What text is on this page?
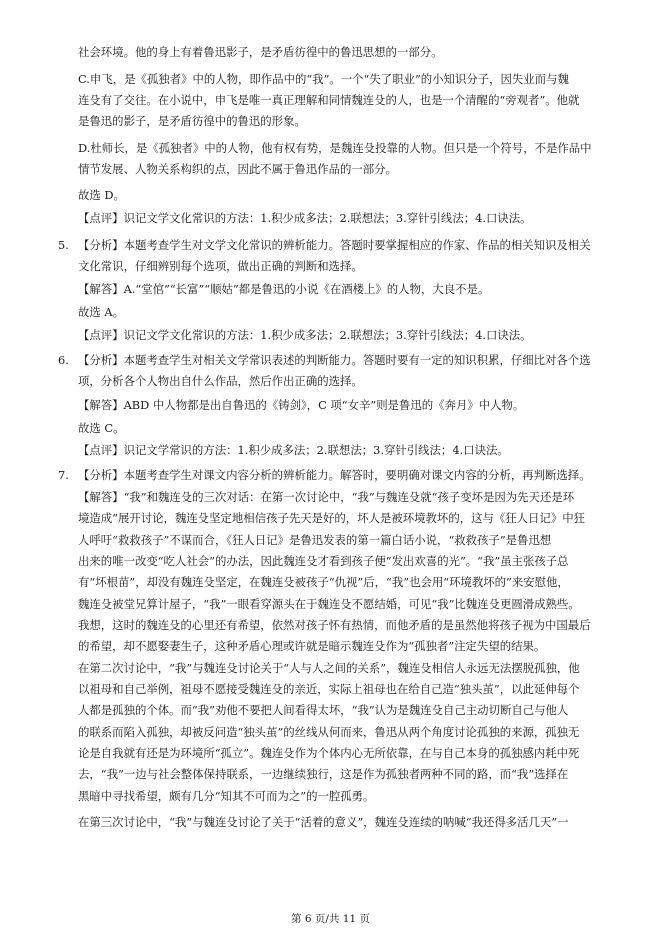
社会环境。他的身上有着鲁迅影子，是矛盾彷徨中的鲁迅思想的一部分。
C.申飞，是《孤独者》中的人物，即作品中的“我”。一个“失了职业”的小知识分子，因失业而与魏
连殳有了交往。在小说中，申飞是唯一真正理解和同情魏连殳的人，也是一个清醒的“旁观者”。他就
是鲁迅的影子，是矛盾彷徨中的鲁迅的形象。
D.杜师长，是《孤独者》中的人物，他有权有势，是魏连殳投靠的人物。但只是一个符号，不是作品中
情节发展、人物关系构织的点，因此不属于鲁迅作品的一部分。
故选 D。
【点评】识记文学文化常识的方法：1.积少成多法；2.联想法；3.穿针引线法；4.口诀法。
5. 【分析】本题考查学生对文学文化常识的辨析能力。答题时要掌握相应的作家、作品的相关知识及相关
文化常识，仔细辨别每个选项，做出正确的判断和选择。
【解答】A.“堂倌”“长富”“顺姑”都是鲁迅的小说《在酒楼上》的人物，大良不是。
故选 A。
【点评】识记文学文化常识的方法：1.积少成多法；2.联想法；3.穿针引线法；4.口诀法。
6. 【分析】本题考查学生对相关文学常识表述的判断能力。答题时要有一定的知识积累，仔细比对各个选
项，分析各个人物出自什么作品，然后作出正确的选择。
【解答】ABD 中人物都是出自鲁迅的《铸剑》，C 项“女辛”则是鲁迅的《奔月》中人物。
故选 C。
【点评】识记文学常识的方法：1.积少成多法；2.联想法；3.穿针引线法；4.口诀法。
7. 【分析】本题考查学生对课文内容分析的辨析能力。解答时，要明确对课文内容的分析，再判断选择。
【解答】“我”和魏连殳的三次对话：在第一次讨论中，“我”与魏连殳就“孩子变坏是因为先天还是环
境造成”展开讨论，魏连殳坚定地相信孩子先天是好的，坏人是被环境教坏的，这与《狂人日记》中狂
人呼吁“救救孩子”不谋而合，《狂人日记》是鲁迅发表的第一篇白话小说，“救救孩子”是鲁迅想
出来的唯一改变“吃人社会”的办法，因此魏连殳才看到孩子便“发出欢喜的光”。“我”虽主张孩子总
有“坏根苗”，却没有魏连殳坚定，在魏连殳被孩子“仇视”后，“我”也会用“环境教坏的”来安慰他，
魏连殳被堂兄算计屋子，“我”一眼看穿源头在于魏连殳不愿结婚，可见“我”比魏连殳更圆滑成熟些。
我想，这时的魏连殳的心里还有希望，依然对孩子怀有热情，而他矛盾的是虽然他将孩子视为中国最后
的希望，却不愿娶妻生子，这种矛盾心理或许就是暗示魏连殳作为“孤独者”注定失望的结果。
在第二次讨论中，“我”与魏连殳讨论关于“人与人之间的关系”，魏连殳相信人永远无法摆脱孤独，他
以祖母和自己举例，祖母不愿接受魏连殳的亲近，实际上祖母也在给自己造“独头茧”，以此延伸每个
人都是孤独的个体。而“我”劝他不要把人间看得太坏，“我”认为是魏连殳自己主动切断自己与他人
的联系而陷入孤独，却被反问造“独头茧”的丝线从何而来，鲁迅从两个角度讨论孤独的来源，孤独无
论是自我就有还是为环境所“孤立”。魏连殳作为个体内心无所依靠，在与自己本身的孤独感内耗中死
去，“我”一边与社会整体保持联系，一边继续独行，这是作为孤独者两种不同的路，而“我”选择在
黑暗中寻找希望，颇有几分“知其不可而为之”的一腔孤勇。
在第三次讨论中，“我”与魏连殳讨论了关于“活着的意义”，魏连殳连续的呐喊“我还得多活几天”一
第 6 页/共 11 页
